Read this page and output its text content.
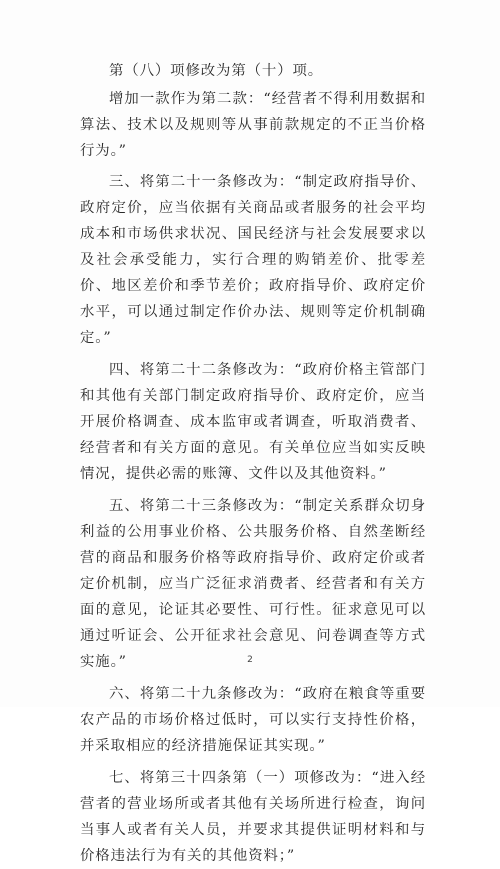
第（八）项修改为第（十）项。

增加一款作为第二款：“经营者不得利用数据和算法、技术以及规则等从事前款规定的不正当价格行为。”

三、将第二十一条修改为：“制定政府指导价、政府定价，应当依据有关商品或者服务的社会平均成本和市场供求状况、国民经济与社会发展要求以及社会承受能力，实行合理的购销差价、批零差价、地区差价和季节差价；政府指导价、政府定价水平，可以通过制定作价办法、规则等定价机制确定。”

四、将第二十二条修改为：“政府价格主管部门和其他有关部门制定政府指导价、政府定价，应当开展价格调查、成本监审或者调查，听取消费者、经营者和有关方面的意见。有关单位应当如实反映情况，提供必需的账簿、文件以及其他资料。”

五、将第二十三条修改为：“制定关系群众切身利益的公用事业价格、公共服务价格、自然垄断经营的商品和服务价格等政府指导价、政府定价或者定价机制，应当广泛征求消费者、经营者和有关方面的意见，论证其必要性、可行性。征求意见可以通过听证会、公开征求社会意见、问卷调查等方式实施。”

六、将第二十九条修改为：“政府在粮食等重要农产品的市场价格过低时，可以实行支持性价格，并采取相应的经济措施保证其实现。”

七、将第三十四条第（一）项修改为：“进入经营者的营业场所或者其他有关场所进行检查，询问当事人或者有关人员，并要求其提供证明材料和与价格违法行为有关的其他资料；”

2
